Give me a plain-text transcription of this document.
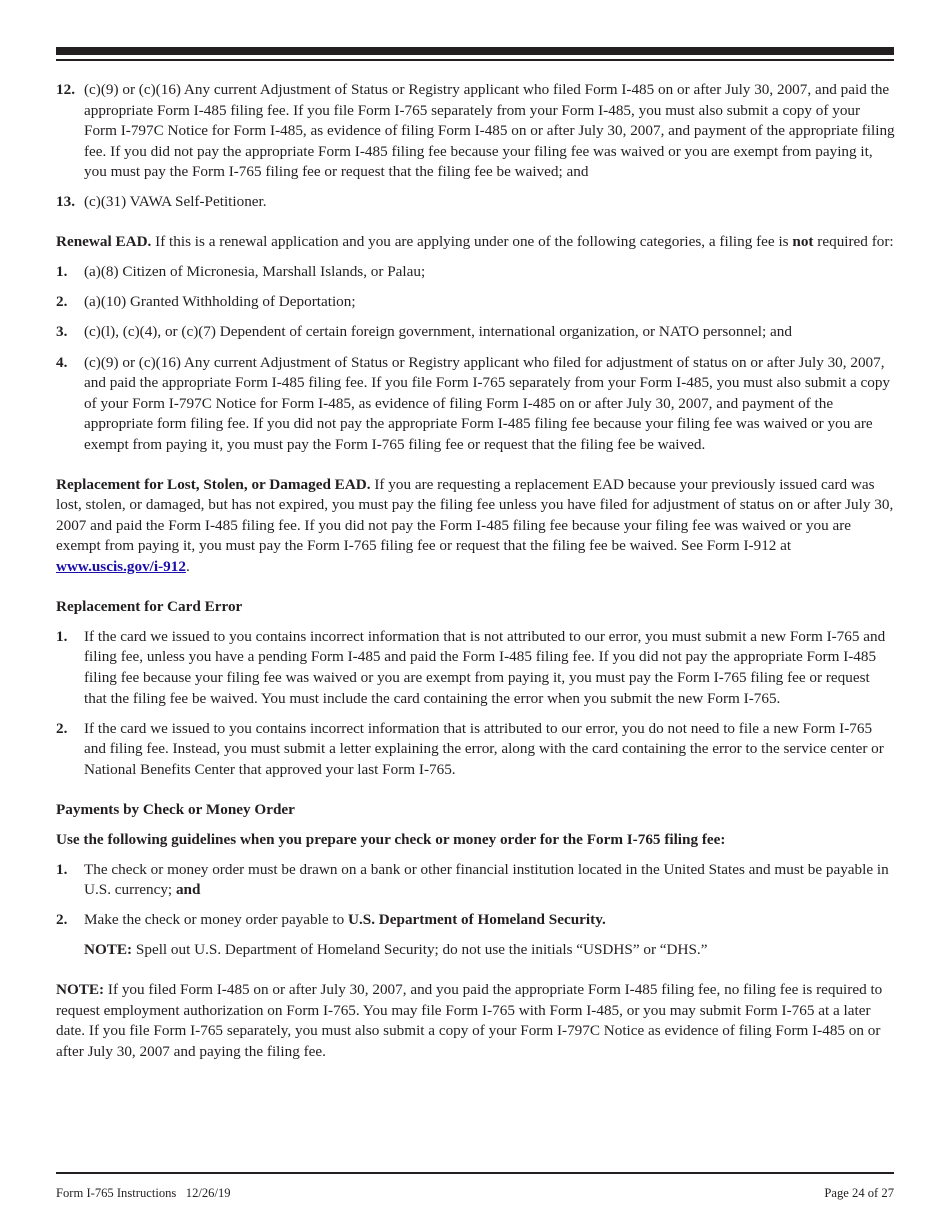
12. (c)(9) or (c)(16) Any current Adjustment of Status or Registry applicant who filed Form I-485 on or after July 30, 2007, and paid the appropriate Form I-485 filing fee. If you file Form I-765 separately from your Form I-485, you must also submit a copy of your Form I-797C Notice for Form I-485, as evidence of filing Form I-485 on or after July 30, 2007, and payment of the appropriate filing fee. If you did not pay the appropriate Form I-485 filing fee because your filing fee was waived or you are exempt from paying it, you must pay the Form I-765 filing fee or request that the filing fee be waived; and
13. (c)(31) VAWA Self-Petitioner.

Renewal EAD. If this is a renewal application and you are applying under one of the following categories, a filing fee is not required for:

1.	(a)(8) Citizen of Micronesia, Marshall Islands, or Palau;
2.	(a)(10) Granted Withholding of Deportation;
3.	(c)(l), (c)(4), or (c)(7) Dependent of certain foreign government, international organization, or NATO personnel; and
4.	(c)(9) or (c)(16) Any current Adjustment of Status or Registry applicant who filed for adjustment of status on or after July 30, 2007, and paid the appropriate Form I-485 filing fee. If you file Form I-765 separately from your Form I-485, you must also submit a copy of your Form I-797C Notice for Form I-485, as evidence of filing Form I-485 on or after July 30, 2007, and payment of the appropriate form filing fee. If you did not pay the appropriate Form I-485 filing fee because your filing fee was waived or you are exempt from paying it, you must pay the Form I-765 filing fee or request that the filing fee be waived.

Replacement for Lost, Stolen, or Damaged EAD. If you are requesting a replacement EAD because your previously issued card was lost, stolen, or damaged, but has not expired, you must pay the filing fee unless you have filed for adjustment of status on or after July 30, 2007 and paid the Form I-485 filing fee. If you did not pay the Form I-485 filing fee because your filing fee was waived or you are exempt from paying it, you must pay the Form I-765 filing fee or request that the filing fee be waived. See Form I-912 at www.uscis.gov/i-912.

Replacement for Card Error

1.	If the card we issued to you contains incorrect information that is not attributed to our error, you must submit a new Form I-765 and filing fee, unless you have a pending Form I-485 and paid the Form I-485 filing fee. If you did not pay the appropriate Form I-485 filing fee because your filing fee was waived or you are exempt from paying it, you must pay the Form I-765 filing fee or request that the filing fee be waived. You must include the card containing the error when you submit the new Form I-765.
2.	If the card we issued to you contains incorrect information that is attributed to our error, you do not need to file a new Form I-765 and filing fee. Instead, you must submit a letter explaining the error, along with the card containing the error to the service center or National Benefits Center that approved your last Form I-765.

Payments by Check or Money Order

Use the following guidelines when you prepare your check or money order for the Form I-765 filing fee:

1.	The check or money order must be drawn on a bank or other financial institution located in the United States and must be payable in U.S. currency; and
2.	Make the check or money order payable to U.S. Department of Homeland Security.

NOTE: Spell out U.S. Department of Homeland Security; do not use the initials “USDHS” or “DHS.”

NOTE: If you filed Form I-485 on or after July 30, 2007, and you paid the appropriate Form I-485 filing fee, no filing fee is required to request employment authorization on Form I-765. You may file Form I-765 with Form I-485, or you may submit Form I-765 at a later date. If you file Form I-765 separately, you must also submit a copy of your Form I-797C Notice as evidence of filing Form I-485 on or after July 30, 2007 and paying the filing fee.

Form I-765 Instructions   12/26/19	Page 24 of 27
